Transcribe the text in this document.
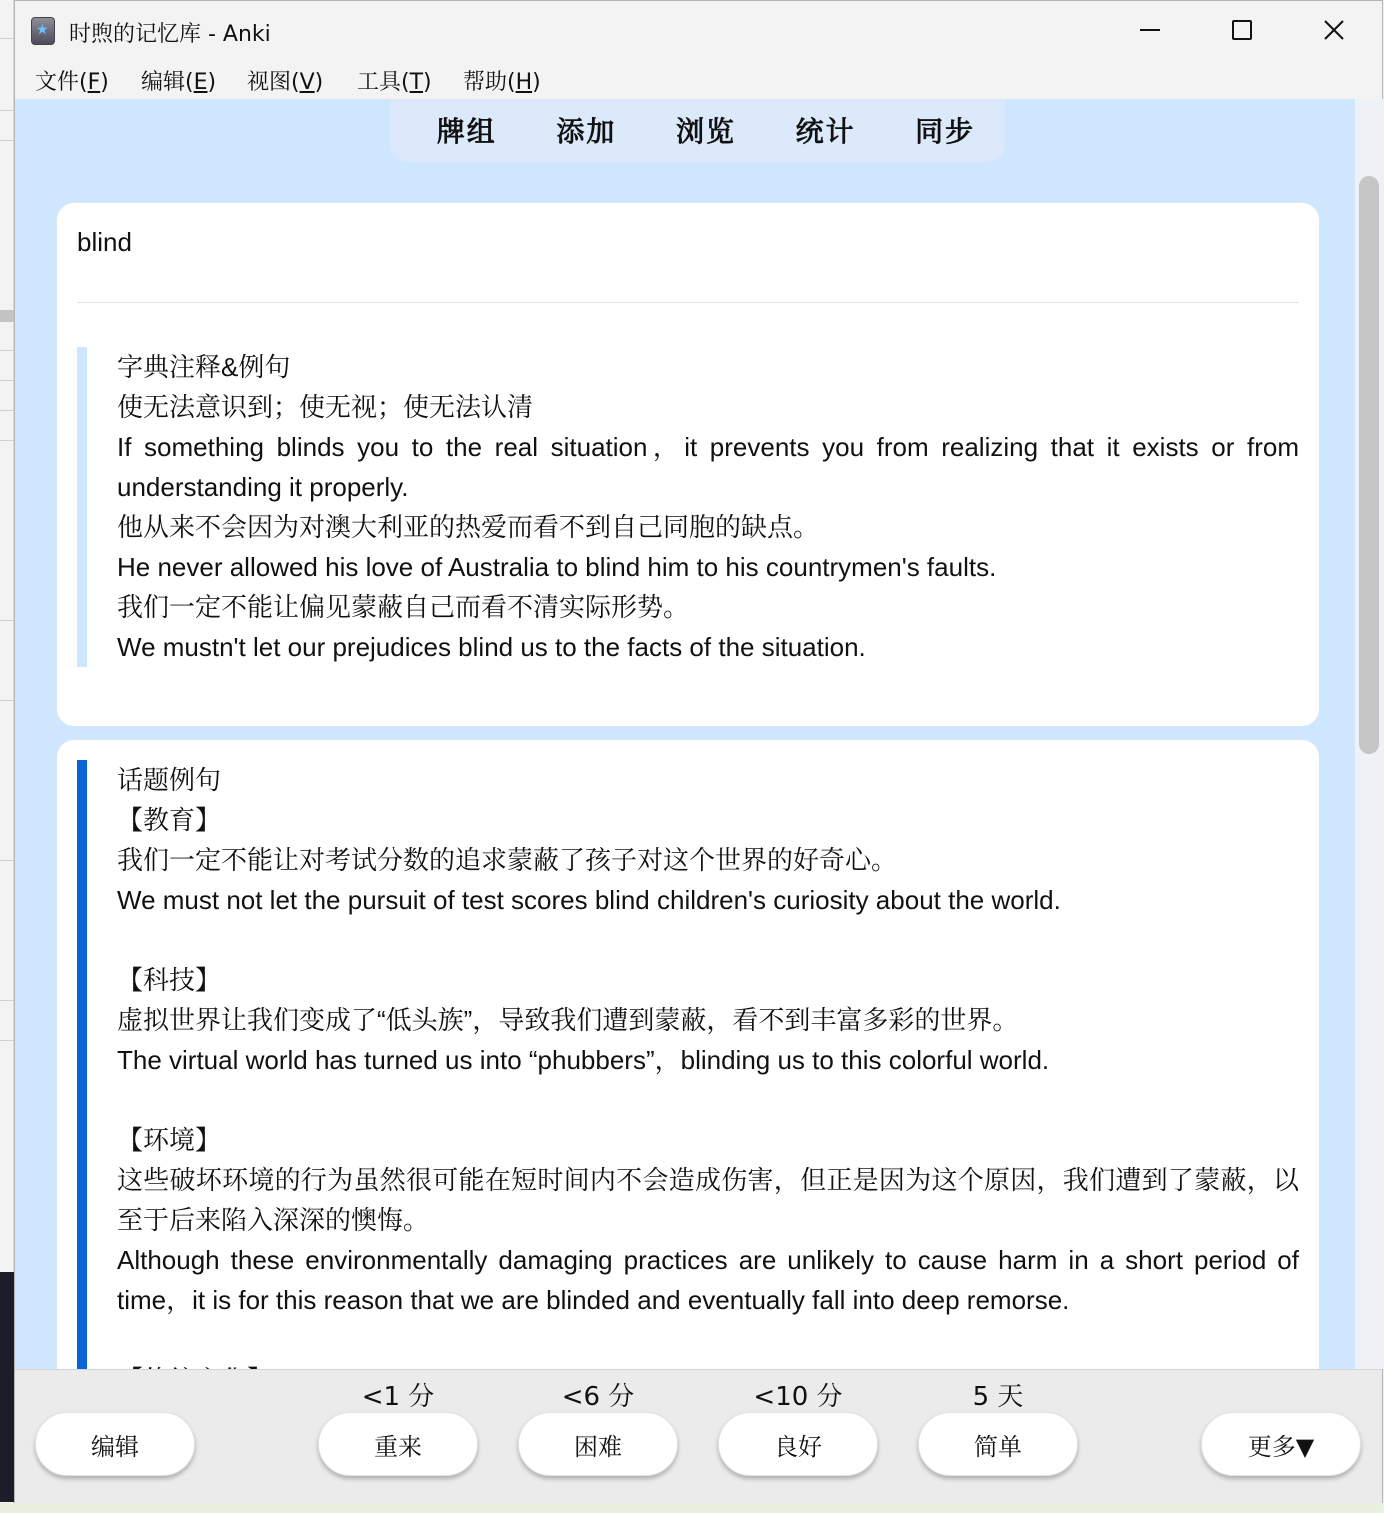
★ 时煦的记忆库 - Anki
文件(F) 编辑(E) 视图(V) 工具(T) 帮助(H)
牌组	添加	浏览	统计	同步
blind
字典注释&例句
使无法意识到；使无视；使无法认清
If something blinds you to the real situation，it prevents you from realizing that it exists or from understanding it properly.
他从来不会因为对澳大利亚的热爱而看不到自己同胞的缺点。
He never allowed his love of Australia to blind him to his countrymen's faults.
我们一定不能让偏见蒙蔽自己而看不清实际形势。
We mustn't let our prejudices blind us to the facts of the situation.
话题例句
【教育】
我们一定不能让对考试分数的追求蒙蔽了孩子对这个世界的好奇心。
We must not let the pursuit of test scores blind children's curiosity about the world.
【科技】
虚拟世界让我们变成了“低头族”，导致我们遭到蒙蔽，看不到丰富多彩的世界。
The virtual world has turned us into “phubbers”，blinding us to this colorful world.
【环境】
这些破坏环境的行为虽然很可能在短时间内不会造成伤害，但正是因为这个原因，我们遭到了蒙蔽，以至于后来陷入深深的懊悔。
Although these environmentally damaging practices are unlikely to cause harm in a short period of time，it is for this reason that we are blinded and eventually fall into deep remorse.
<1 分	<6 分	<10 分	5 天
编辑	重来	困难	良好	简单	更多▼
